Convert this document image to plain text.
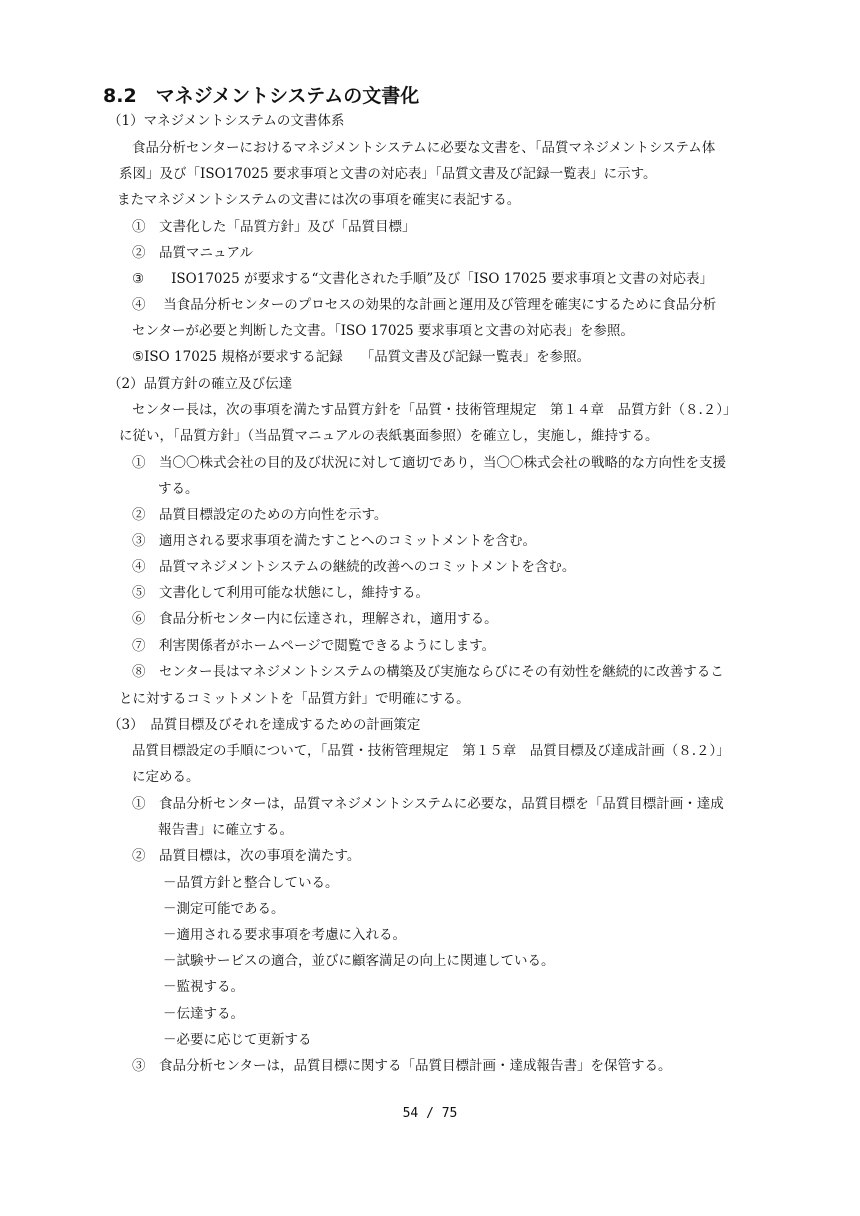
8.2　マネジメントシステムの文書化
（1）マネジメントシステムの文書体系
食品分析センターにおけるマネジメントシステムに必要な文書を、「品質マネジメントシステム体
系図」及び「ISO17025 要求事項と文書の対応表」「品質文書及び記録一覧表」に示す。
またマネジメントシステムの文書には次の事項を確実に表記する。
①　文書化した「品質方針」及び「品質目標」
②　品質マニュアル
③　　ISO17025 が要求する“文書化された手順”及び「ISO 17025 要求事項と文書の対応表」
④　 当食品分析センターのプロセスの効果的な計画と運用及び管理を確実にするために食品分析
センターが必要と判断した文書。「ISO 17025 要求事項と文書の対応表」を参照。
⑤ISO 17025 規格が要求する記録　 「品質文書及び記録一覧表」を参照。
（2）品質方針の確立及び伝達
センター長は，次の事項を満たす品質方針を「品質・技術管理規定　第１４章　品質方針（８.２）」
に従い，「品質方針」（当品質マニュアルの表紙裏面参照）を確立し，実施し，維持する。
①　当〇〇株式会社の目的及び状況に対して適切であり，当〇〇株式会社の戦略的な方向性を支援
する。
②　品質目標設定のための方向性を示す。
③　適用される要求事項を満たすことへのコミットメントを含む。
④　品質マネジメントシステムの継続的改善へのコミットメントを含む。
⑤　文書化して利用可能な状態にし，維持する。
⑥　食品分析センター内に伝達され，理解され，適用する。
⑦　利害関係者がホームページで閲覧できるようにします。
⑧　センター長はマネジメントシステムの構築及び実施ならびにその有効性を継続的に改善するこ
とに対するコミットメントを「品質方針」で明確にする。
（3）　品質目標及びそれを達成するための計画策定
品質目標設定の手順について，「品質・技術管理規定　第１５章　品質目標及び達成計画（８.２）」
に定める。
①　食品分析センターは，品質マネジメントシステムに必要な，品質目標を「品質目標計画・達成
報告書」に確立する。
②　品質目標は，次の事項を満たす。
－品質方針と整合している。
－測定可能である。
－適用される要求事項を考慮に入れる。
－試験サービスの適合，並びに顧客満足の向上に関連している。
－監視する。
－伝達する。
－必要に応じて更新する
③　食品分析センターは，品質目標に関する「品質目標計画・達成報告書」を保管する。
54 / 75
